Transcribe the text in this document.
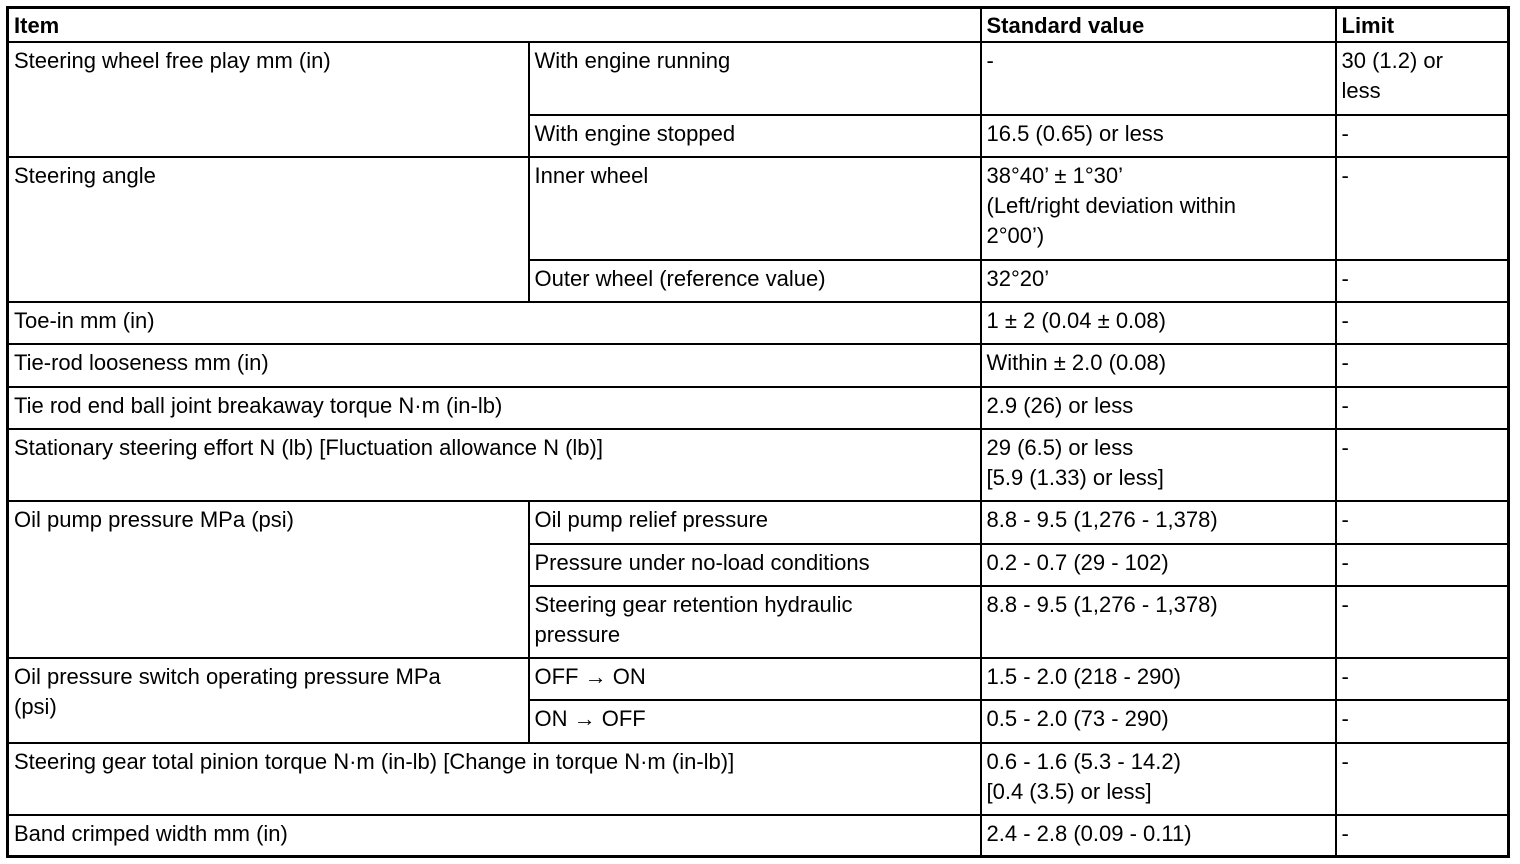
Item		Standard value	Limit
Steering wheel free play mm (in)	With engine running	-	30 (1.2) or
less
	With engine stopped	16.5 (0.65) or less	-
Steering angle	Inner wheel	38°40’ ± 1°30’
(Left/right deviation within
2°00’)	-
	Outer wheel (reference value)	32°20’	-
Toe-in mm (in)		1 ± 2 (0.04 ± 0.08)	-
Tie-rod looseness mm (in)		Within ± 2.0 (0.08)	-
Tie rod end ball joint breakaway torque N·m (in-lb)		2.9 (26) or less	-
Stationary steering effort N (lb) [Fluctuation allowance N (lb)]		29 (6.5) or less
[5.9 (1.33) or less]	-
Oil pump pressure MPa (psi)	Oil pump relief pressure	8.8 - 9.5 (1,276 - 1,378)	-
	Pressure under no-load conditions	0.2 - 0.7 (29 - 102)	-
	Steering gear retention hydraulic
pressure	8.8 - 9.5 (1,276 - 1,378)	-
Oil pressure switch operating pressure MPa
(psi)	OFF → ON	1.5 - 2.0 (218 - 290)	-
	ON → OFF	0.5 - 2.0 (73 - 290)	-
Steering gear total pinion torque N·m (in-lb) [Change in torque N·m (in-lb)]		0.6 - 1.6 (5.3 - 14.2)
[0.4 (3.5) or less]	-
Band crimped width mm (in)		2.4 - 2.8 (0.09 - 0.11)	-
